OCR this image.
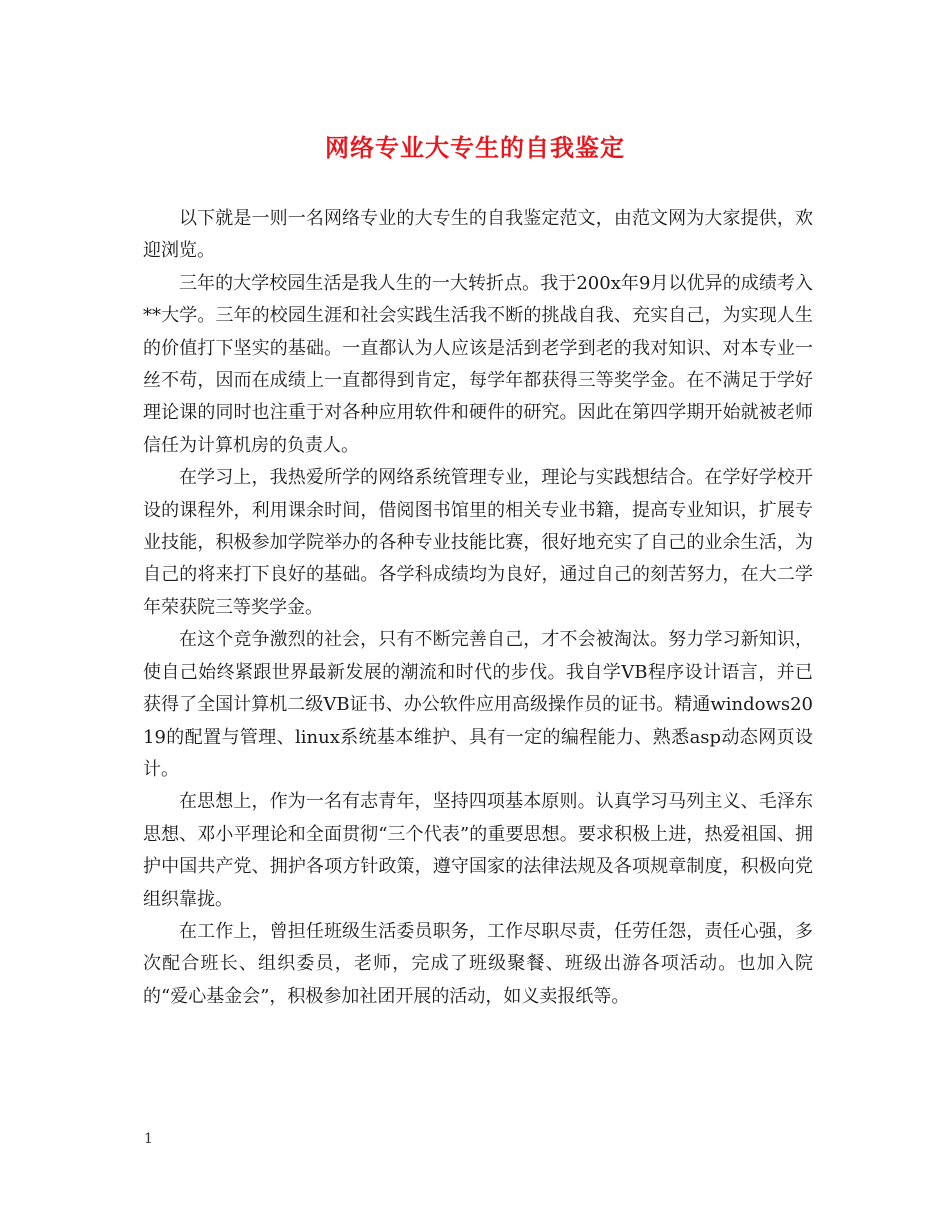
网络专业大专生的自我鉴定

以下就是一则一名网络专业的大专生的自我鉴定范文，由范文网为大家提供，欢迎浏览。

三年的大学校园生活是我人生的一大转折点。我于200x年9月以优异的成绩考入**大学。三年的校园生涯和社会实践生活我不断的挑战自我、充实自己，为实现人生的价值打下坚实的基础。一直都认为人应该是活到老学到老的我对知识、对本专业一丝不苟，因而在成绩上一直都得到肯定，每学年都获得三等奖学金。在不满足于学好理论课的同时也注重于对各种应用软件和硬件的研究。因此在第四学期开始就被老师信任为计算机房的负责人。

在学习上，我热爱所学的网络系统管理专业，理论与实践想结合。在学好学校开设的课程外，利用课余时间，借阅图书馆里的相关专业书籍，提高专业知识，扩展专业技能，积极参加学院举办的各种专业技能比赛，很好地充实了自己的业余生活，为自己的将来打下良好的基础。各学科成绩均为良好，通过自己的刻苦努力，在大二学年荣获院三等奖学金。

在这个竞争激烈的社会，只有不断完善自己，才不会被淘汰。努力学习新知识，使自己始终紧跟世界最新发展的潮流和时代的步伐。我自学VB程序设计语言，并已获得了全国计算机二级VB证书、办公软件应用高级操作员的证书。精通windows2019的配置与管理、linux系统基本维护、具有一定的编程能力、熟悉asp动态网页设计。

在思想上，作为一名有志青年，坚持四项基本原则。认真学习马列主义、毛泽东思想、邓小平理论和全面贯彻“三个代表”的重要思想。要求积极上进，热爱祖国、拥护中国共产党、拥护各项方针政策，遵守国家的法律法规及各项规章制度，积极向党组织靠拢。

在工作上，曾担任班级生活委员职务，工作尽职尽责，任劳任怨，责任心强，多次配合班长、组织委员，老师，完成了班级聚餐、班级出游各项活动。也加入院的“爱心基金会”，积极参加社团开展的活动，如义卖报纸等。

1
